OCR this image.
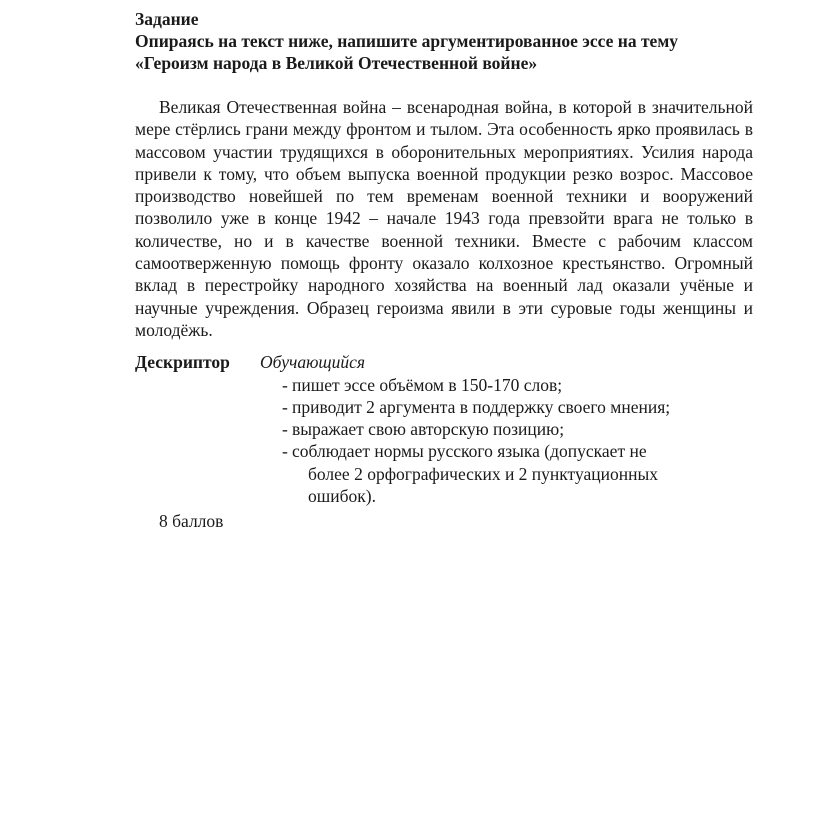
Задание
Опираясь на текст ниже, напишите аргументированное эссе на тему
«Героизм народа в Великой Отечественной войне»

Великая Отечественная война – всенародная война, в которой в значительной мере стёрлись грани между фронтом и тылом. Эта особенность ярко проявилась в массовом участии трудящихся в оборонительных мероприятиях. Усилия народа привели к тому, что объем выпуска военной продукции резко возрос. Массовое производство новейшей по тем временам военной техники и вооружений позволило уже в конце 1942 – начале 1943 года превзойти врага не только в количестве, но и в качестве военной техники. Вместе с рабочим классом самоотверженную помощь фронту оказало колхозное крестьянство. Огромный вклад в перестройку народного хозяйства на военный лад оказали учёные и научные учреждения. Образец героизма явили в эти суровые годы женщины и молодёжь.

Дескриптор	Обучающийся
- пишет эссе объёмом в 150-170 слов;
- приводит 2 аргумента в поддержку своего мнения;
- выражает свою авторскую позицию;
- соблюдает нормы русского языка (допускает не
более 2 орфографических и 2 пунктуационных
ошибок).
8 баллов
